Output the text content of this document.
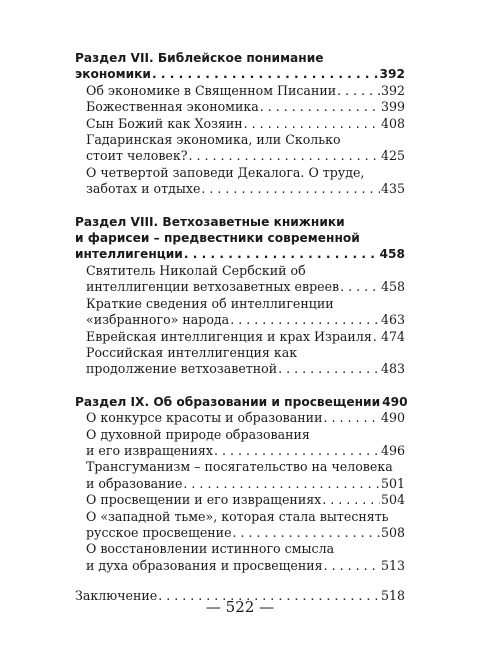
Раздел VII. Библейское понимание
экономики . . .	392
Об экономике в Священном Писании . . .	392
Божественная экономика . . .	399
Сын Божий как Хозяин . . .	408
Гадаринская экономика, или Сколько
стоит человек? . . .	425
О четвертой заповеди Декалога. О труде,
заботах и отдыхе . . .	435
Раздел VIII. Ветхозаветные книжники
и фарисеи – предвестники современной
интеллигенции . . .	458
Святитель Николай Сербский об
интеллигенции ветхозаветных евреев . . .	458
Краткие сведения об интеллигенции
«избранного» народа . . .	463
Еврейская интеллигенция и крах Израиля . . . 474
Российская интеллигенция как
продолжение ветхозаветной . . .	483
Раздел IX. Об образовании и просвещении 490
О конкурсе красоты и образовании . . .	490
О духовной природе образования
и его извращениях . . .	496
Трансгуманизм – посягательство на человека
и образование . . .	501
О просвещении и его извращениях . . .	504
О «западной тьме», которая стала вытеснять
русское просвещение . . .	508
О восстановлении истинного смысла
и духа образования и просвещения . . .	513
Заключение . . .	518
— 522 —
